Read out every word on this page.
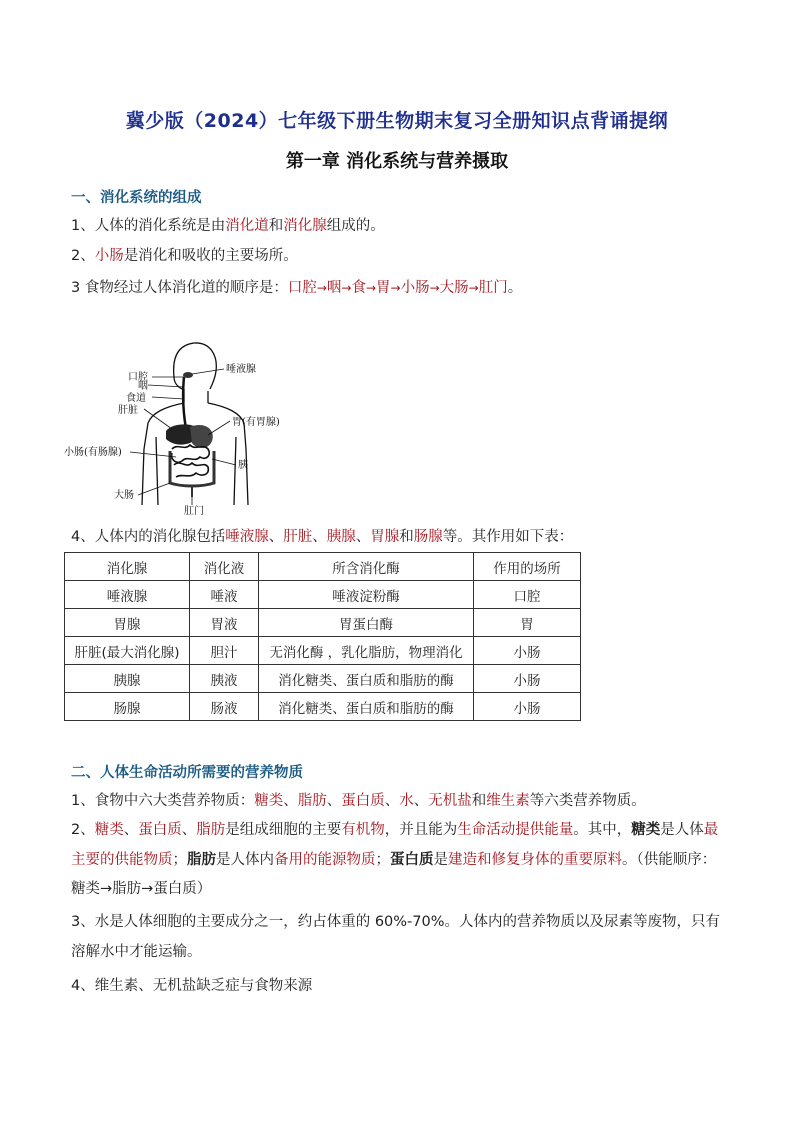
冀少版（2024）七年级下册生物期末复习全册知识点背诵提纲
第一章 消化系统与营养摄取
一、消化系统的组成
1、人体的消化系统是由消化道和消化腺组成的。
2、小肠是消化和吸收的主要场所。
3 食物经过人体消化道的顺序是：口腔→咽→食→胃→小肠→大肠→肛门。
口腔
咽
食道
肝脏
唾液腺
胃(有胃腺)
小肠(有肠腺)
胰
大肠
肛门
4、人体内的消化腺包括唾液腺、肝脏、胰腺、胃腺和肠腺等。其作用如下表：
消化腺	消化液	所含消化酶	作用的场所
唾液腺	唾液	唾液淀粉酶	口腔
胃腺	胃液	胃蛋白酶	胃
肝脏(最大消化腺)	胆汁	无消化酶 ，乳化脂肪，物理消化	小肠
胰腺	胰液	消化糖类、蛋白质和脂肪的酶	小肠
肠腺	肠液	消化糖类、蛋白质和脂肪的酶	小肠
二、人体生命活动所需要的营养物质
1、食物中六大类营养物质：糖类、脂肪、蛋白质、水、无机盐和维生素等六类营养物质。
2、糖类、蛋白质、脂肪是组成细胞的主要有机物，并且能为生命活动提供能量。其中，糖类是人体最主要的供能物质；脂肪是人体内备用的能源物质；蛋白质是建造和修复身体的重要原料。（供能顺序：糖类→脂肪→蛋白质）
3、水是人体细胞的主要成分之一，约占体重的 60%-70%。人体内的营养物质以及尿素等废物，只有溶解水中才能运输。
4、维生素、无机盐缺乏症与食物来源
